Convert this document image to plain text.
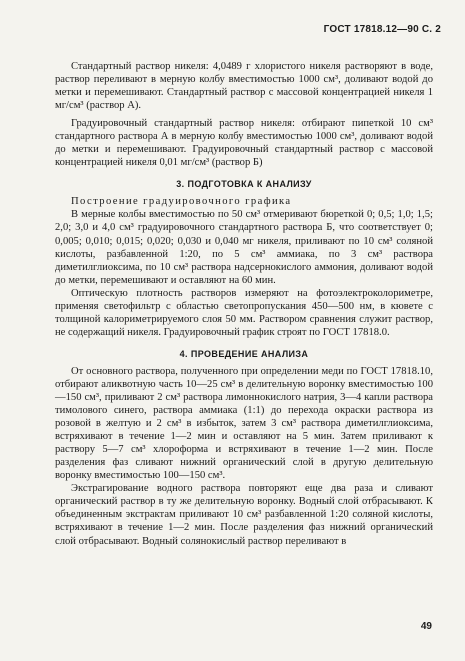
ГОСТ 17818.12—90 С. 2

Стандартный раствор никеля: 4,0489 г хлористого никеля растворяют в воде, раствор переливают в мерную колбу вместимостью 1000 см³, доливают водой до метки и перемешивают. Стандартный раствор с массовой концентрацией никеля 1 мг/см³ (раствор А).

Градуировочный стандартный раствор никеля: отбирают пипеткой 10 см³ стандартного раствора А в мерную колбу вместимостью 1000 см³, доливают водой до метки и перемешивают. Градуировочный стандартный раствор с массовой концентрацией никеля 0,01 мг/см³ (раствор Б)

3. ПОДГОТОВКА К АНАЛИЗУ

Построение градуировочного графика

В мерные колбы вместимостью по 50 см³ отмеривают бюреткой 0; 0,5; 1,0; 1,5; 2,0; 3,0 и 4,0 см³ градуировочного стандартного раствора Б, что соответствует 0; 0,005; 0,010; 0,015; 0,020; 0,030 и 0,040 мг никеля, приливают по 10 см³ соляной кислоты, разбавленной 1:20, по 5 см³ аммиака, по 3 см³ раствора диметилглиоксима, по 10 см³ раствора надсернокислого аммония, доливают водой до метки, перемешивают и оставляют на 60 мин.

Оптическую плотность растворов измеряют на фотоэлектроколориметре, применяя светофильтр с областью светопропускания 450—500 нм, в кювете с толщиной калориметрируемого слоя 50 мм. Раствором сравнения служит раствор, не содержащий никеля. Градуировочный график строят по ГОСТ 17818.0.

4. ПРОВЕДЕНИЕ АНАЛИЗА

От основного раствора, полученного при определении меди по ГОСТ 17818.10, отбирают аликвотную часть 10—25 см³ в делительную воронку вместимостью 100—150 см³, приливают 2 см³ раствора лимоннокислого натрия, 3—4 капли раствора тимолового синего, раствора аммиака (1:1) до перехода окраски раствора из розовой в желтую и 2 см³ в избыток, затем 3 см³ раствора диметилглиоксима, встряхивают в течение 1—2 мин и оставляют на 5 мин. Затем приливают к раствору 5—7 см³ хлороформа и встряхивают в течение 1—2 мин. После разделения фаз сливают нижний органический слой в другую делительную воронку вместимостью 100—150 см³.

Экстрагирование водного раствора повторяют еще два раза и сливают органический раствор в ту же делительную воронку. Водный слой отбрасывают. К объединенным экстрактам приливают 10 см³ разбавленной 1:20 соляной кислоты, встряхивают в течение 1—2 мин. После разделения фаз нижний органический слой отбрасывают. Водный солянокислый раствор переливают в

49
